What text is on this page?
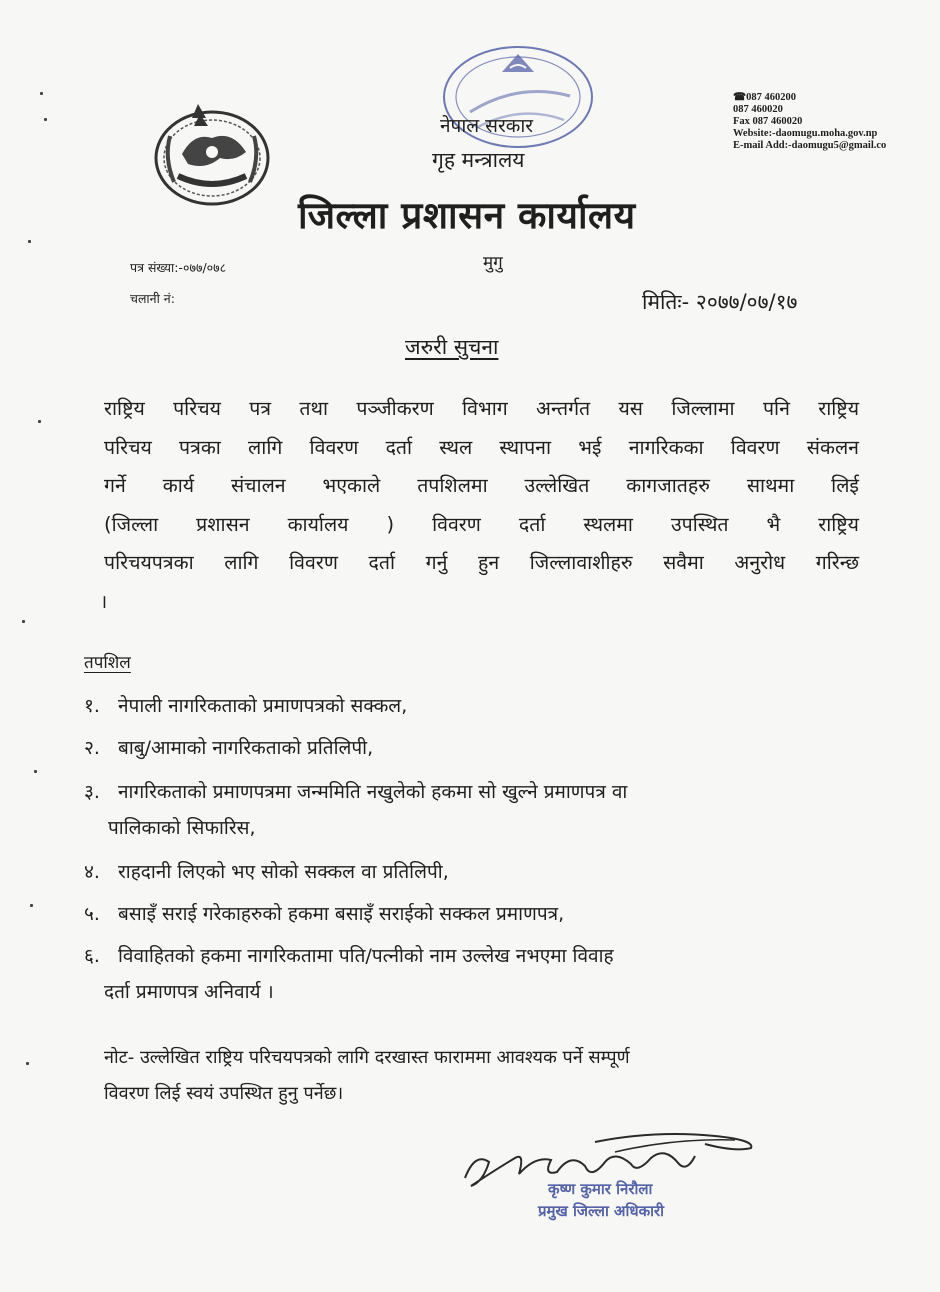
नेपाल सरकार
गृह मन्त्रालय
जिल्ला प्रशासन कार्यालय
☎087 460200
087 460020
Fax 087 460020
Website:-daomugu.moha.gov.np
E-mail Add:-daomugu5@gmail.co
पत्र संख्या:-०७७/०७८
चलानी नं:
मुगु
मितिः- २०७७/०७/१७
जरुरी सुचना
राष्ट्रिय परिचय पत्र तथा पञ्जीकरण विभाग अन्तर्गत यस जिल्लामा पनि राष्ट्रिय
परिचय पत्रका लागि विवरण दर्ता स्थल स्थापना भई नागरिकका विवरण संकलन
गर्ने कार्य संचालन भएकाले तपशिलमा उल्लेखित कागजातहरु साथमा लिई
(जिल्ला प्रशासन कार्यालय ) विवरण दर्ता स्थलमा उपस्थित भै राष्ट्रिय
परिचयपत्रका लागि विवरण दर्ता गर्नु हुन जिल्लावाशीहरु सवैमा अनुरोध गरिन्छ
।
तपशिल
१. नेपाली नागरिकताको प्रमाणपत्रको सक्कल,
२. बाबु/आमाको नागरिकताको प्रतिलिपी,
३. नागरिकताको प्रमाणपत्रमा जन्ममिति नखुलेको हकमा सो खुल्ने प्रमाणपत्र वा
पालिकाको सिफारिस,
४. राहदानी लिएको भए सोको सक्कल वा प्रतिलिपी,
५. बसाइँ सराई गरेकाहरुको हकमा बसाइँ सराईको सक्कल प्रमाणपत्र,
६. विवाहितको हकमा नागरिकतामा पति/पत्नीको नाम उल्लेख नभएमा विवाह
दर्ता प्रमाणपत्र अनिवार्य ।
नोट- उल्लेखित राष्ट्रिय परिचयपत्रको लागि दरखास्त फाराममा आवश्यक पर्ने सम्पूर्ण
विवरण लिई स्वयं उपस्थित हुनु पर्नेछ।
कृष्ण कुमार निरौला
प्रमुख जिल्ला अधिकारी
